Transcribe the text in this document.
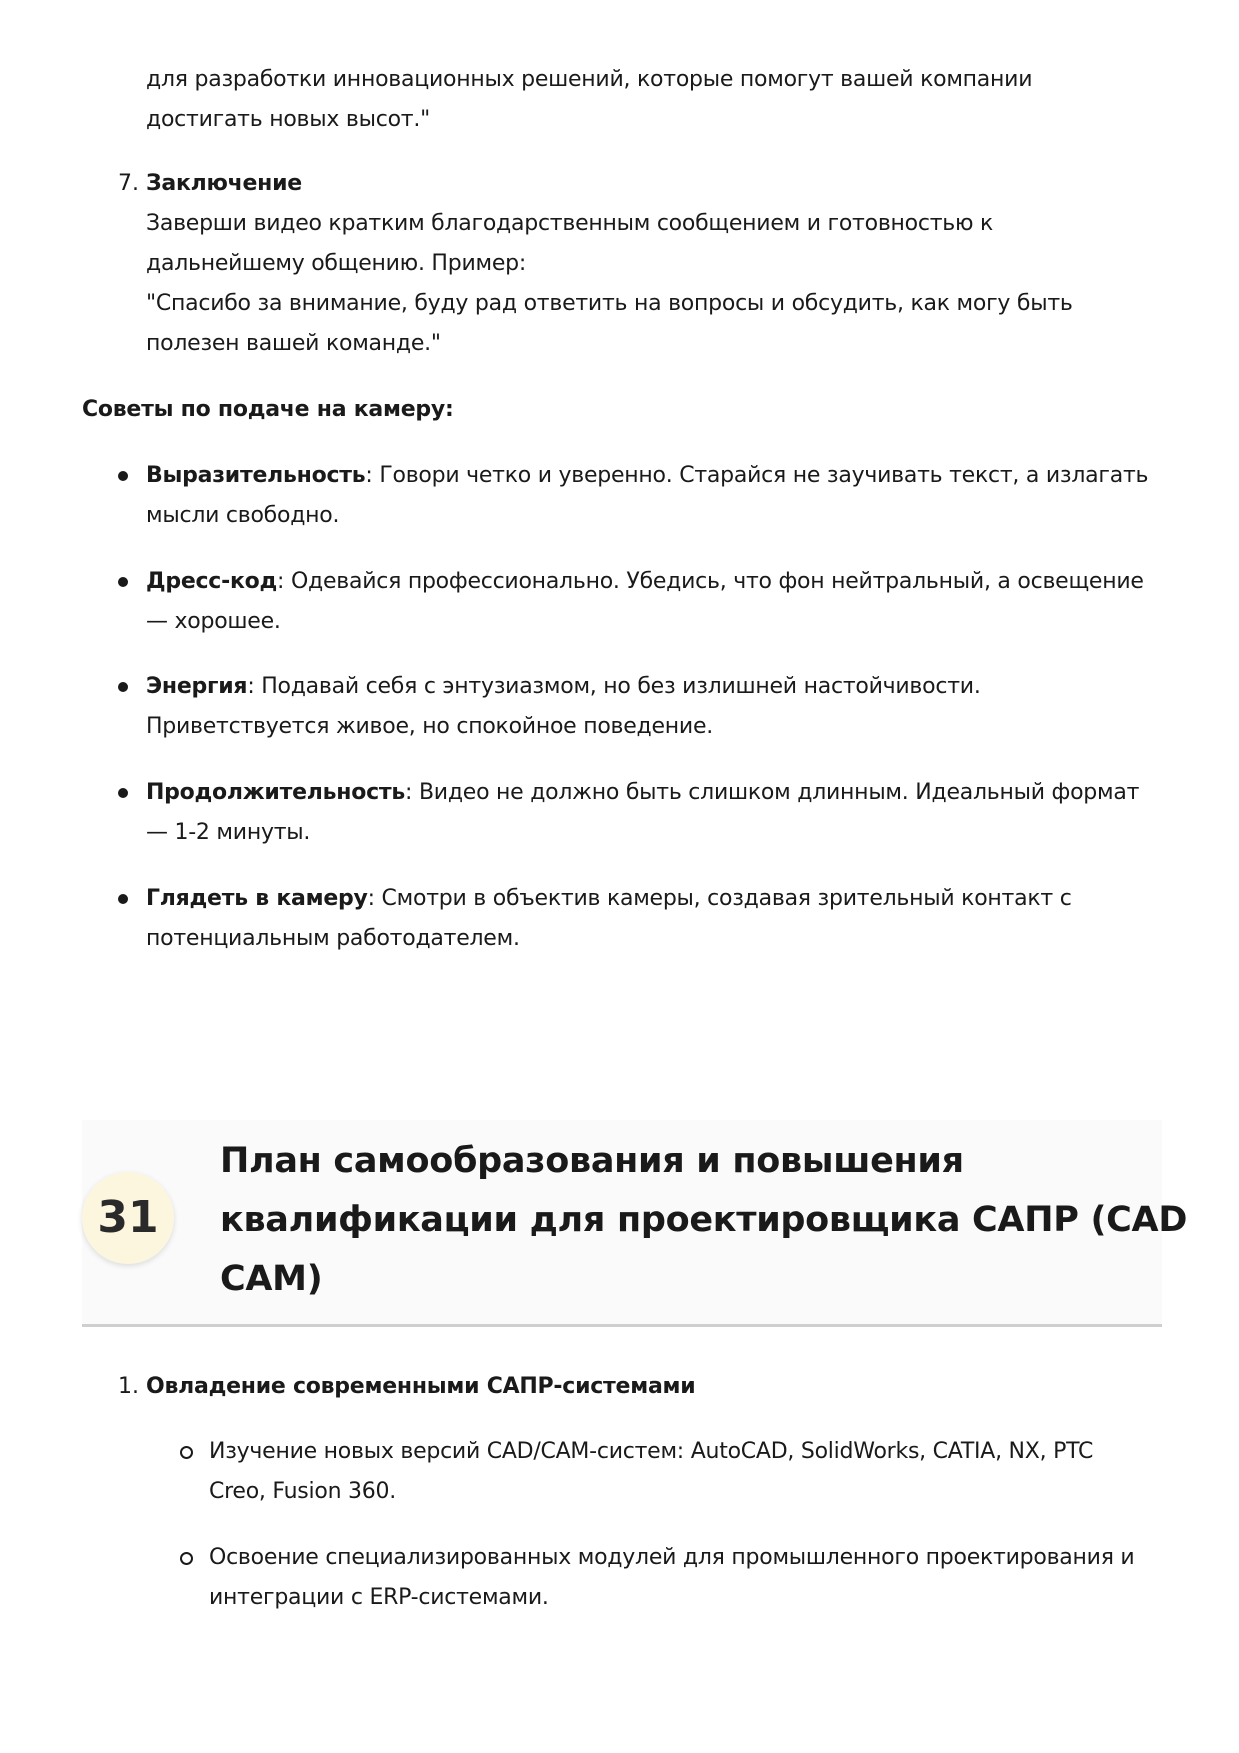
для разработки инновационных решений, которые помогут вашей компании
достигать новых высот."
7. Заключение
Заверши видео кратким благодарственным сообщением и готовностью к
дальнейшему общению. Пример:
"Спасибо за внимание, буду рад ответить на вопросы и обсудить, как могу быть
полезен вашей команде."
Советы по подаче на камеру:
Выразительность: Говори четко и уверенно. Старайся не заучивать текст, а излагать
мысли свободно.
Дресс-код: Одевайся профессионально. Убедись, что фон нейтральный, а освещение
— хорошее.
Энергия: Подавай себя с энтузиазмом, но без излишней настойчивости.
Приветствуется живое, но спокойное поведение.
Продолжительность: Видео не должно быть слишком длинным. Идеальный формат
— 1-2 минуты.
Глядеть в камеру: Смотри в объектив камеры, создавая зрительный контакт с
потенциальным работодателем.
31
План самообразования и повышения
квалификации для проектировщика САПР (CAD
CAM)
1. Овладение современными САПР-системами
Изучение новых версий CAD/CAM-систем: AutoCAD, SolidWorks, CATIA, NX, PTC
Creo, Fusion 360.
Освоение специализированных модулей для промышленного проектирования и
интеграции с ERP-системами.
